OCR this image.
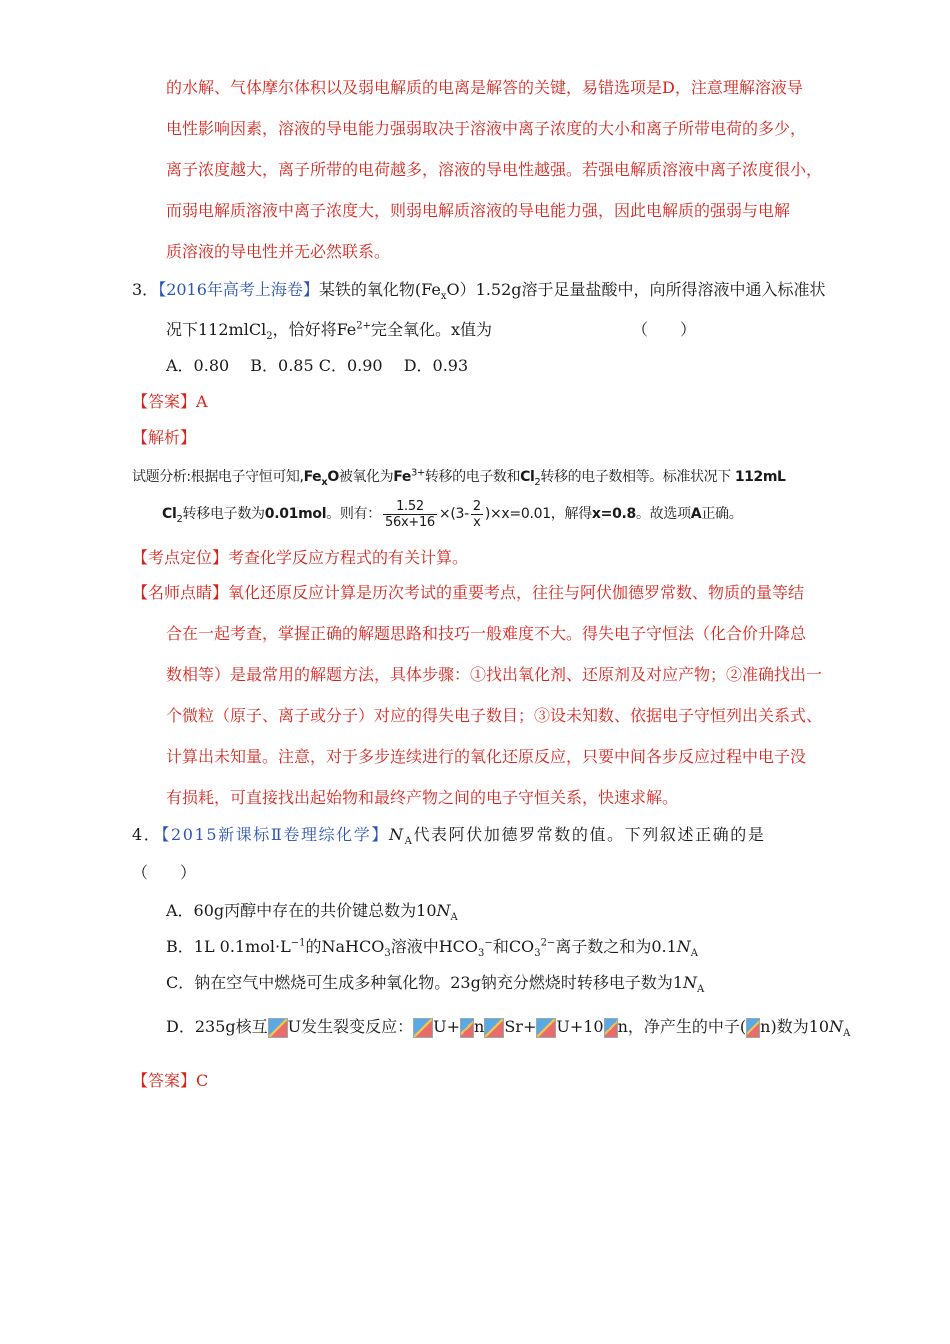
的水解、气体摩尔体积以及弱电解质的电离是解答的关键，易错选项是D，注意理解溶液导
电性影响因素，溶液的导电能力强弱取决于溶液中离子浓度的大小和离子所带电荷的多少，
离子浓度越大，离子所带的电荷越多，溶液的导电性越强。若强电解质溶液中离子浓度很小，
而弱电解质溶液中离子浓度大，则弱电解质溶液的导电能力强，因此电解质的强弱与电解
质溶液的导电性并无必然联系。
3．【2016年高考上海卷】某铁的氧化物$(Fe_xO)1.52g$溶于足量盐酸中，向所得溶液中通入标准状
况下112mlCl$_2$，恰好将$Fe^{2+}$完全氧化。x值为	（　　）
A．0.80　 B．0.85 C．0.90　 D．0.93
【答案】A
【解析】
试题分析:根据电子守恒可知$,Fe_xO$被氧化为$Fe^{3+}$转移的电子数和$Cl_2$转移的电子数相等。标准状况下 112mL
$Cl_2$转移电子数为0.01mol。则有： $\frac{1.52}{56x+16} \times(3- \frac{2}{x} )\times x=0.01$，解得x=0.8。故选项A正确。
【考点定位】考查化学反应方程式的有关计算。
【名师点睛】氧化还原反应计算是历次考试的重要考点，往往与阿伏伽德罗常数、物质的量等结
合在一起考查，掌握正确的解题思路和技巧一般难度不大。得失电子守恒法（化合价升降总
数相等）是最常用的解题方法，具体步骤：①找出氧化剂、还原剂及对应产物；②准确找出一
个微粒（原子、离子或分子）对应的得失电子数目；③设未知数、依据电子守恒列出关系式、
计算出未知量。注意，对于多步连续进行的氧化还原反应，只要中间各步反应过程中电子没
有损耗，可直接找出起始物和最终产物之间的电子守恒关系，快速求解。
4．【2015新课标Ⅱ卷理综化学】$N_A$代表阿伏加德罗常数的值。下列叙述正确的是
（　　）
A．60g丙醇中存在的共价键总数为$10N_A$
B．1L $0.1mol\cdot L^{-1}$的NaHCO$_3$溶液中$HCO_3^-$和$CO_3^{2-}$离子数之和为$0.1N_A$
C．钠在空气中燃烧可生成多种氧化物。23g钠充分燃烧时转移电子数为$1N_A$
D．235g核互 U发生裂变反应： U+ n Sr+ U+10 n，净产生的中子( n)数为$10N_A$
【答案】C
